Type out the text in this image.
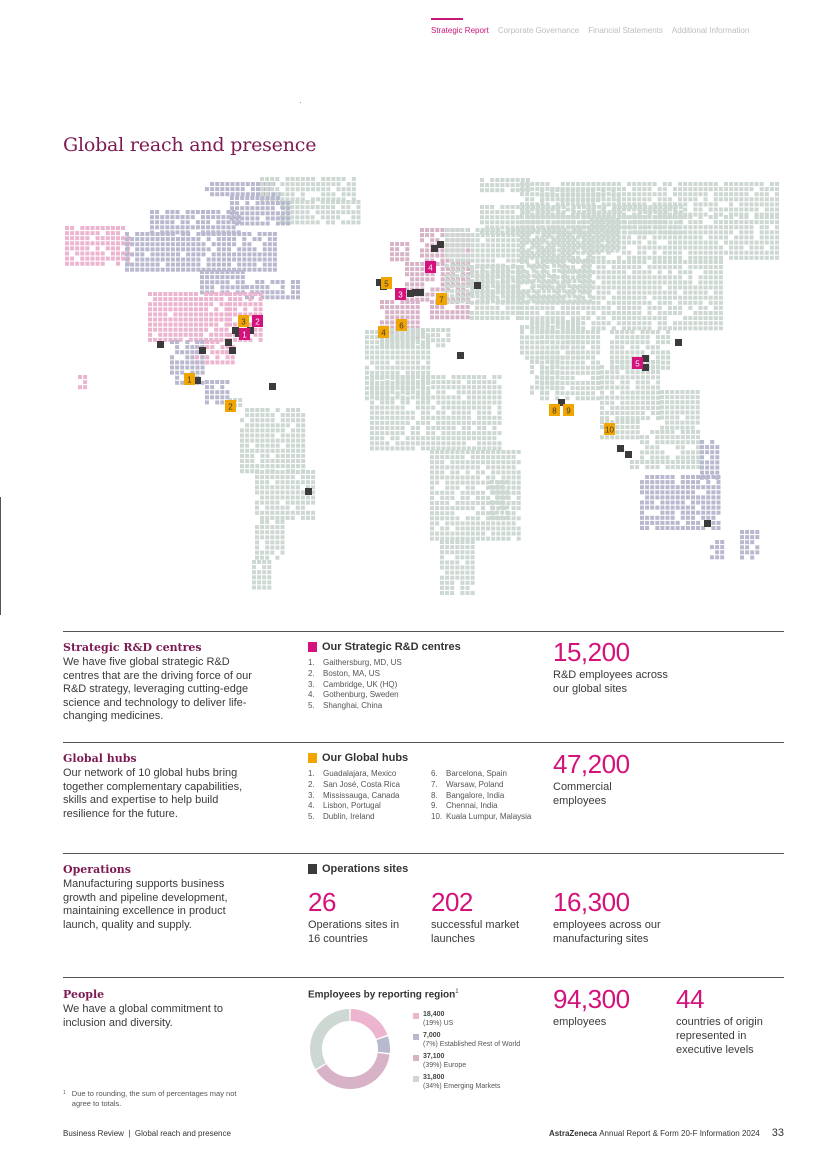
Strategic Report Corporate Governance Financial Statements Additional Information
Global reach and presence
1
2
3
4
5
1
2
3
4
5
6
7
8 9
10
Strategic R&D centres

We have five global strategic R&D centres that are the driving force of our R&D strategy, leveraging cutting-edge science and technology to deliver life-changing medicines.

Our Strategic R&D centres
1. Gaithersburg, MD, US
2. Boston, MA, US
3. Cambridge, UK (HQ)
4. Gothenburg, Sweden
5. Shanghai, China
15,200
R&D employees across our global sites
Global hubs

Our network of 10 global hubs bring together complementary capabilities, skills and expertise to help build resilience for the future.

Our Global hubs
1. Guadalajara, Mexico
2. San José, Costa Rica
3. Mississauga, Canada
4. Lisbon, Portugal
5. Dublin, Ireland
6. Barcelona, Spain
7. Warsaw, Poland
8. Bangalore, India
9. Chennai, India
10. Kuala Lumpur, Malaysia
47,200
Commercial employees
Operations

Manufacturing supports business growth and pipeline development, maintaining excellence in product launch, quality and supply.

Operations sites
26
Operations sites in 16 countries
202
successful market launches
16,300
employees across our manufacturing sites
People

We have a global commitment to inclusion and diversity.

Employees by reporting region$^1$
18,400
(19%) US
7,000
(7%) Established Rest of World
37,100
(39%) Europe
31,800
(34%) Emerging Markets
94,300
employees
44
countries of origin represented in executive levels
$^1$ Due to rounding, the sum of percentages may not agree to totals.
Business Review  |  Global reach and presence	AstraZeneca
Annual Report & Form 20-F Information 2024 33
